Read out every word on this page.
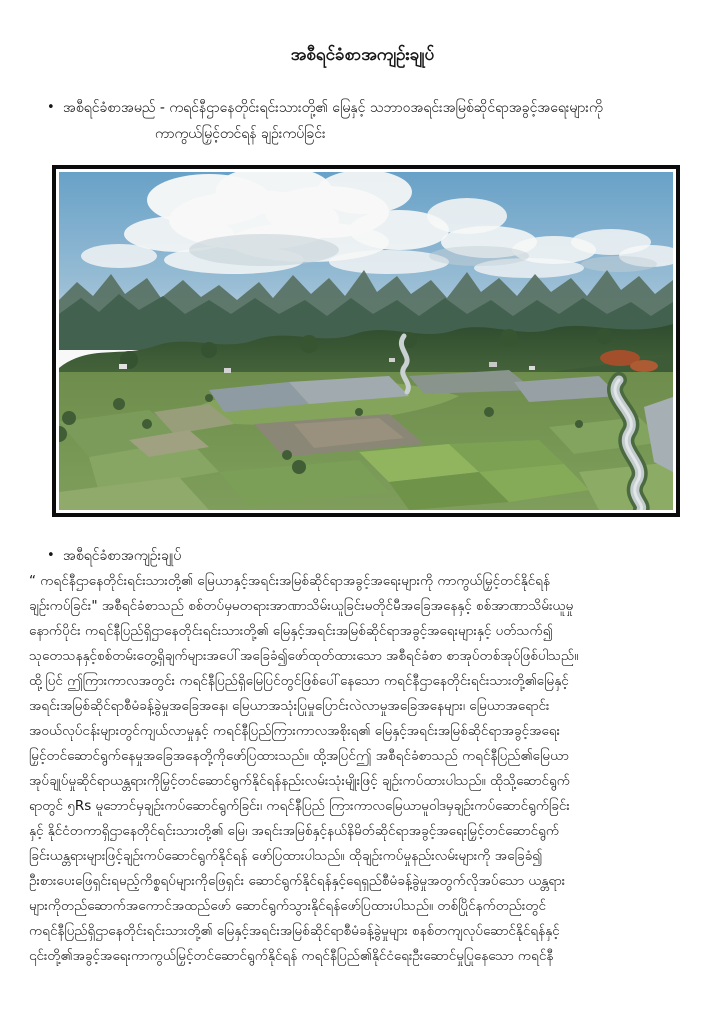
အစီရင်ခံစာအကျဉ်းချုပ်
• အစီရင်ခံစာအမည် - ကရင်နီဌာနေတိုင်းရင်းသားတို့၏ မြေနှင့် သဘာဝအရင်းအမြစ်ဆိုင်ရာအခွင့်အရေးများကို
ကာကွယ်မြှင့်တင်ရန် ချဉ်းကပ်ခြင်း
• အစီရင်ခံစာအကျဉ်းချုပ်
“ ကရင်နီဌာနေတိုင်းရင်းသားတို့၏ မြေယာနှင့်အရင်းအမြစ်ဆိုင်ရာအခွင့်အရေးများကို ကာကွယ်မြှင့်တင်နိုင်ရန်
ချဉ်းကပ်ခြင်း" အစီရင်ခံစာသည် စစ်တပ်မှမတရားအာဏာသိမ်းယူခြင်းမတိုင်မီအခြေအနေနှင့် စစ်အာဏာသိမ်းယူမှု
နောက်ပိုင်း ကရင်နီပြည်ရှိဌာနေတိုင်းရင်းသားတို့၏ မြေနှင့်အရင်းအမြစ်ဆိုင်ရာအခွင့်အရေးများနှင့် ပတ်သက်၍
သုတေသနနှင့်စစ်တမ်းတွေ့ရှိချက်များအပေါ်အခြေခံ၍ဖော်ထုတ်ထားသော အစီရင်ခံစာ စာအုပ်တစ်အုပ်ဖြစ်ပါသည်။
ထို့ပြင် ဤကြားကာလအတွင်း ကရင်နီပြည်ရှိမြေပြင်တွင်ဖြစ်ပေါ်နေသော ကရင်နီဌာနေတိုင်းရင်းသားတို့၏မြေနှင့်
အရင်းအမြစ်ဆိုင်ရာစီမံခန့်ခွဲမှုအခြေအနေ၊ မြေယာအသုံးပြုမှုပြောင်းလဲလာမှုအခြေအနေများ၊ မြေယာအရောင်း
အဝယ်လုပ်ငန်းများတွင်ကျယ်လာမှုနှင့် ကရင်နီပြည်ကြားကာလအစိုးရ၏ မြေနှင့်အရင်းအမြစ်ဆိုင်ရာအခွင့်အရေး
မြှင့်တင်ဆောင်ရွက်နေမှုအခြေအနေတို့ကိုဖော်ပြထားသည်။ ထို့အပြင်ဤ အစီရင်ခံစာသည် ကရင်နီပြည်၏မြေယာ
အုပ်ချုပ်မှုဆိုင်ရာယန္တရားကိုမြှင့်တင်ဆောင်ရွက်နိုင်ရန်နည်းလမ်းသုံးမျိုးဖြင့် ချဉ်းကပ်ထားပါသည်။ ထိုသို့ဆောင်ရွက်
ရာတွင် ၅Rs မူဘောင်မှချဉ်းကပ်ဆောင်ရွက်ခြင်း၊ ကရင်နီပြည် ကြားကာလမြေယာမူဝါဒမှချဉ်းကပ်ဆောင်ရွက်ခြင်း
နှင့် နိုင်ငံတကာရှိဌာနေတိုင်ရင်းသားတို့၏ မြေ၊ အရင်းအမြစ်နှင့်နယ်နိမိတ်ဆိုင်ရာအခွင့်အရေးမြှင့်တင်ဆောင်ရွက်
ခြင်းယန္တရားများဖြင့်ချဉ်းကပ်ဆောင်ရွက်နိုင်ရန် ဖော်ပြထားပါသည်။ ထိုချဉ်းကပ်မှုနည်းလမ်းများကို အခြေခံ၍
ဦးစားပေးဖြေရှင်းရမည့်ကိစ္စရပ်များကိုဖြေရှင်း ဆောင်ရွက်နိုင်ရန်နှင့်ရေရှည်စီမံခန့်ခွဲမှုအတွက်လိုအပ်သော ယန္တရား
များကိုတည်ဆောက်အကောင်အထည်ဖော် ဆောင်ရွက်သွားနိုင်ရန်ဖော်ပြထားပါသည်။ တစ်ပြိုင်နက်တည်းတွင်
ကရင်နီပြည်ရှိဌာနေတိုင်းရင်းသားတို့၏ မြေနှင့်အရင်းအမြစ်ဆိုင်ရာစီမံခန့်ခွဲမှုများ စနစ်တကျလုပ်ဆောင်နိုင်ရန်နှင့်
၎င်းတို့၏အခွင့်အရေးကာကွယ်မြှင့်တင်ဆောင်ရွက်နိုင်ရန် ကရင်နီပြည်၏နိုင်ငံရေးဦးဆောင်မှုပြုနေသော ကရင်နီ
